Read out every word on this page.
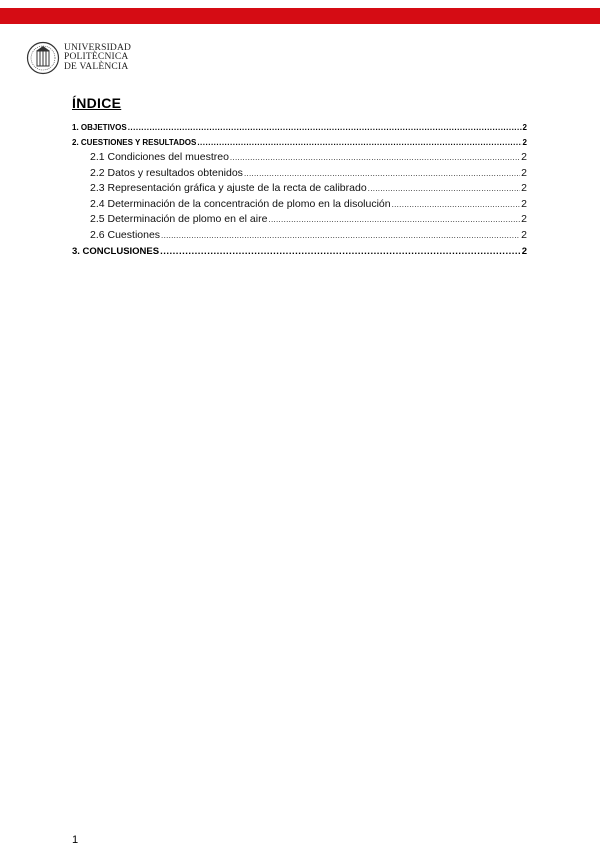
UNIVERSIDAD
POLITÈCNICA
DE VALÈNCIA
ÍNDICE
1. OBJETIVOS .....	2
2. CUESTIONES Y RESULTADOS .....	2
2.1 Condiciones del muestreo .....	2
2.2 Datos y resultados obtenidos .....	2
2.3 Representación gráfica y ajuste de la recta de calibrado .....	2
2.4 Determinación de la concentración de plomo en la disolución .....	2
2.5 Determinación de plomo en el aire .....	2
2.6 Cuestiones .....	2
3. CONCLUSIONES .....	2
1
